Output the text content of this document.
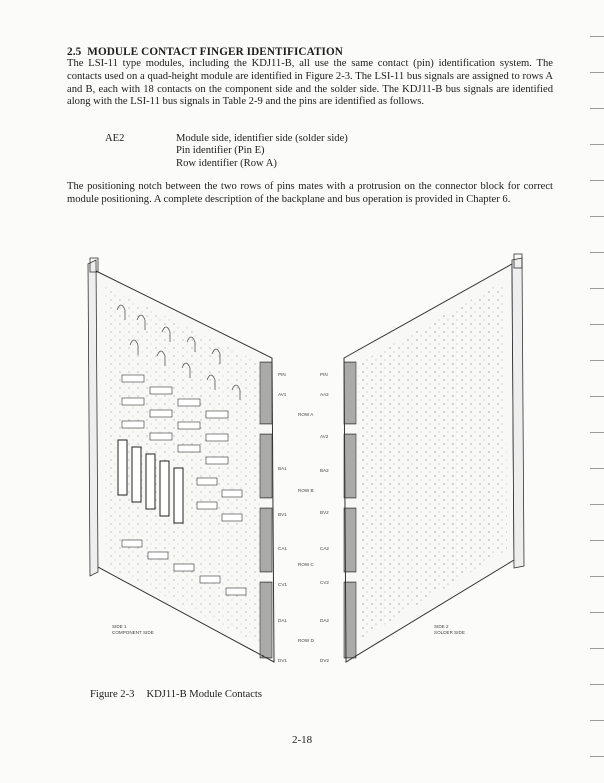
2.5 MODULE CONTACT FINGER IDENTIFICATION
The LSI-11 type modules, including the KDJ11-B, all use the same contact (pin) identification system. The contacts used on a quad-height module are identified in Figure 2-3. The LSI-11 bus signals are assigned to rows A and B, each with 18 contacts on the component side and the solder side. The KDJ11-B bus signals are identified along with the LSI-11 bus signals in Table 2-9 and the pins are identified as follows.
AE2	Module side, identifier side (solder side)
Pin identifier (Pin E)
Row identifier (Row A)
The positioning notch between the two rows of pins mates with a protrusion on the connector block for correct module positioning. A complete description of the backplane and bus operation is provided in Chapter 6.
PIN
AV1
BA1
BV1
CA1
CV1
DA1
DV1
PIN
AA2
AV2
BA2
BV2
CA2
CV2
DA2
DV2
ROW A
ROW B
ROW C
ROW D
SIDE 1
COMPONENT SIDE
SIDE 2
SOLDER SIDE
Figure 2-3 KDJ11-B Module Contacts
2-18
